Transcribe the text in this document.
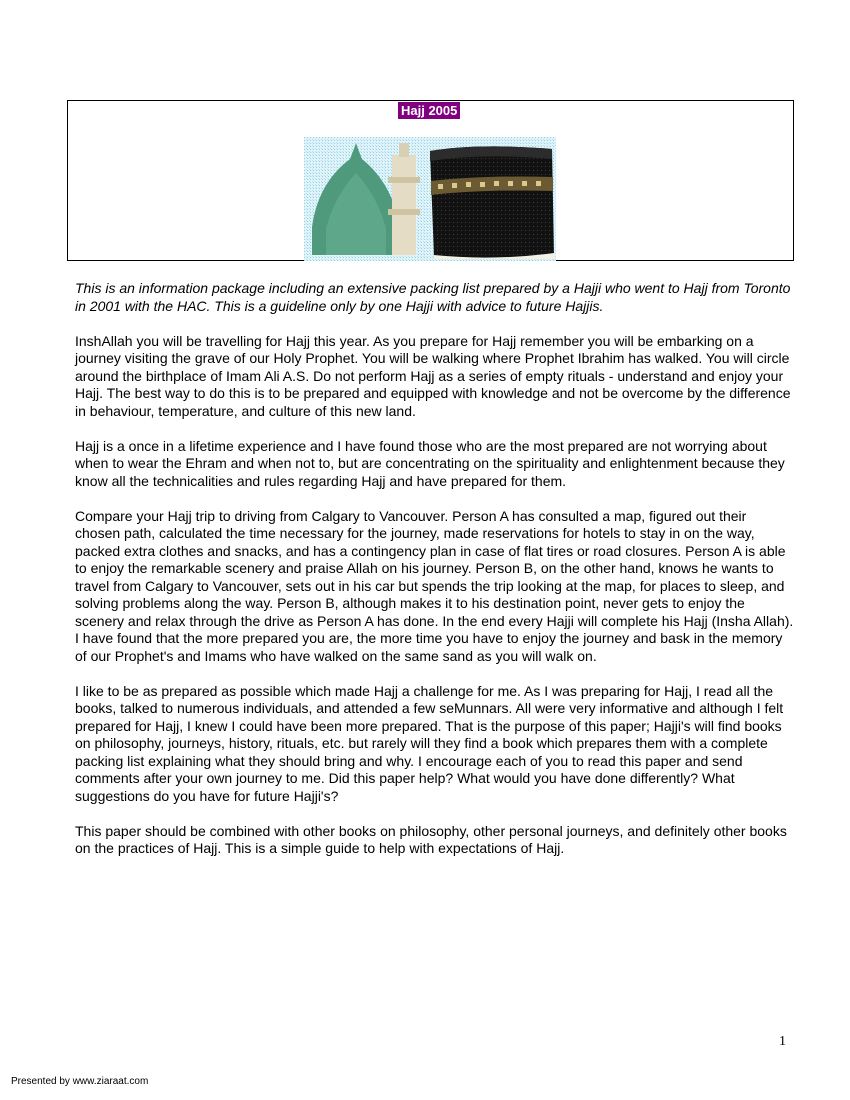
Hajj 2005

This is an information package including an extensive packing list prepared by a Hajji who went to Hajj from Toronto in 2001 with the HAC. This is a guideline only by one Hajji with advice to future Hajjis.

InshAllah you will be travelling for Hajj this year. As you prepare for Hajj remember you will be embarking on a journey visiting the grave of our Holy Prophet. You will be walking where Prophet Ibrahim has walked. You will circle around the birthplace of Imam Ali A.S. Do not perform Hajj as a series of empty rituals - understand and enjoy your Hajj. The best way to do this is to be prepared and equipped with knowledge and not be overcome by the difference in behaviour, temperature, and culture of this new land.

Hajj is a once in a lifetime experience and I have found those who are the most prepared are not worrying about when to wear the Ehram and when not to, but are concentrating on the spirituality and enlightenment because they know all the technicalities and rules regarding Hajj and have prepared for them.

Compare your Hajj trip to driving from Calgary to Vancouver. Person A has consulted a map, figured out their chosen path, calculated the time necessary for the journey, made reservations for hotels to stay in on the way, packed extra clothes and snacks, and has a contingency plan in case of flat tires or road closures. Person A is able to enjoy the remarkable scenery and praise Allah on his journey. Person B, on the other hand, knows he wants to travel from Calgary to Vancouver, sets out in his car but spends the trip looking at the map, for places to sleep, and solving problems along the way. Person B, although makes it to his destination point, never gets to enjoy the scenery and relax through the drive as Person A has done. In the end every Hajji will complete his Hajj (Insha Allah). I have found that the more prepared you are, the more time you have to enjoy the journey and bask in the memory of our Prophet's and Imams who have walked on the same sand as you will walk on.

I like to be as prepared as possible which made Hajj a challenge for me. As I was preparing for Hajj, I read all the books, talked to numerous individuals, and attended a few seMunnars. All were very informative and although I felt prepared for Hajj, I knew I could have been more prepared. That is the purpose of this paper; Hajji's will find books on philosophy, journeys, history, rituals, etc. but rarely will they find a book which prepares them with a complete packing list explaining what they should bring and why. I encourage each of you to read this paper and send comments after your own journey to me. Did this paper help? What would you have done differently? What suggestions do you have for future Hajji's?

This paper should be combined with other books on philosophy, other personal journeys, and definitely other books on the practices of Hajj. This is a simple guide to help with expectations of Hajj.

1
Presented by www.ziaraat.com
